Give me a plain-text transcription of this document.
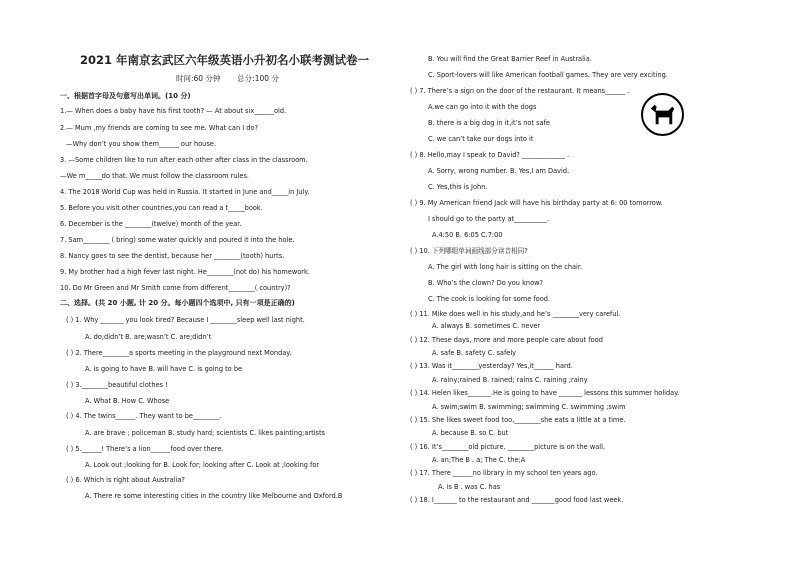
2021 年南京玄武区六年级英语小升初名小联考测试卷一
时间:60 分钟 总分:100 分
一、根据首字母及句意写出单词。(10 分)
1.— When does a baby have his first tooth? — At about six______old.
2.— Mum ,my friends are coming to see me. What can I do?
—Why don’t you show them______ our house.
3. —Some children like to run after each other after class in the classroom.
—We m_____do that. We must follow the classroom rules.
4. The 2018 World Cup was held in Russia. It started in June and_____in July.
5. Before you visit other countries,you can read a t_____book.
6. December is the ________(twelve) month of the year.
7. Sam________ ( bring) some water quickly and poured it into the hole.
8. Nancy goes to see the dentist, because her ________(tooth) hurts.
9. My brother had a high fever last night. He________(not do) his homework.
10. Do Mr Green and Mr Smith come from different________( country)?
二、选择。(共 20 小题, 计 20 分。每小题四个选项中, 只有一项是正确的)
( ) 1. Why _______ you look tired? Because I ________sleep well last night.
A. do;didn’t B. are;wasn’t C. are;didn’t
( ) 2. There________a sports meeting in the playground next Monday.
A. is going to have B. will have C. is going to be
( ) 3.________beautiful clothes !
A. What B. How C. Whose
( ) 4. The twins______. They want to be________.
A. are brave ; policeman B. study hard; scientists C. likes painting;artists
( ) 5.______! There’s a lion______food over there.
A. Look out ;looking for B. Look for; looking after C. Look at ;looking for
( ) 6. Which is right about Australia?
A. There re some interesting cities in the country like Melbourne and Oxford.B
B. You will find the Great Barrier Reef in Australia.
C. Sport-lovers will like American football games. They are very exciting.
( ) 7. There’s a sign on the door of the restaurant. It means______ .
A.we can go into it with the dogs
B. there is a big dog in it,it’s not safe
C. we can’t take our dogs into it
( ) 8. Hello,may I speak to David? _____________ .
A. Sorry, wrong number. B. Yes,I am David.
C. Yes,this is John.
( ) 9. My American friend Jack will have his birthday party at 6: 00 tomorrow.
I should go to the party at__________.
A.4:50 B. 6:05 C.7:00
( ) 10. 下列哪组单词画线部分读音相同?
A. The girl with long hair is sitting on the chair.
B. Who’s the clown? Do you know?
C. The cook is looking for some food.
( ) 11. Mike does well in his study,and he’s ________very careful.
A. always B. sometimes C. never
( ) 12. These days, more and more people care about food
A. safe B. safety C. safely
( ) 13. Was it________yesterday? Yes,it______ hard.
A. rainy;rained B. rained; rains C. raining ;rainy
( ) 14. Helen likes_______.He is going to have _______ lessons this summer holiday.
A. swim;swim B. swimming; swimming C. swimming ;swim
( ) 15. She likes sweet food too,________she eats a little at a time.
A. because B. so C. but
( ) 16. It’s________old picture. ________picture is on the wall.
A. an;The B . a; The C. the;A
( ) 17. There ______no library in my school ten years ago.
A. is B . was C. has
( ) 18. I_______ to the restaurant and _______good food last week.
